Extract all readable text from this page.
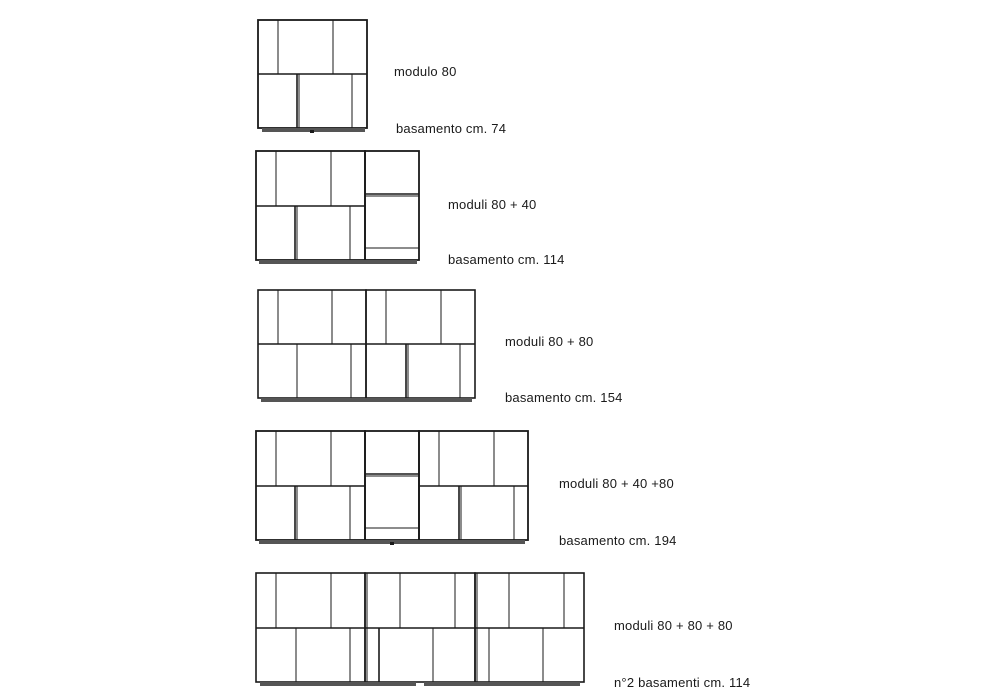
modulo 80
basamento cm. 74
moduli 80 + 40
basamento cm. 114
moduli 80 + 80
basamento cm. 154
moduli 80 + 40 +80
basamento cm. 194
moduli 80 + 80 + 80
n°2 basamenti cm. 114
